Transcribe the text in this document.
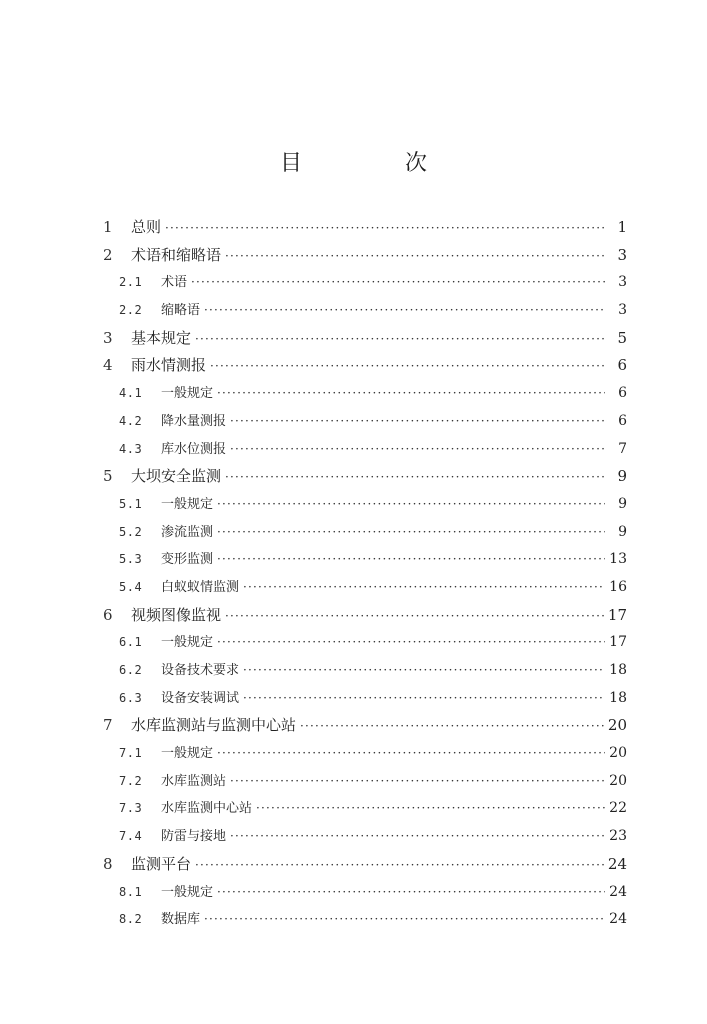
目 次
1	总则 ·····	1
2	术语和缩略语 ·····	3
2.1	术语 ·····	3
2.2	缩略语 ·····	3
3	基本规定 ·····	5
4	雨水情测报 ·····	6
4.1	一般规定 ·····	6
4.2	降水量测报 ·····	6
4.3	库水位测报 ·····	7
5	大坝安全监测 ·····	9
5.1	一般规定 ·····	9
5.2	渗流监测 ·····	9
5.3	变形监测 ·····	13
5.4	白蚁蚁情监测 ·····	16
6	视频图像监视 ·····	17
6.1	一般规定 ·····	17
6.2	设备技术要求 ·····	18
6.3	设备安装调试 ·····	18
7	水库监测站与监测中心站 ·····	20
7.1	一般规定 ·····	20
7.2	水库监测站 ·····	20
7.3	水库监测中心站 ·····	22
7.4	防雷与接地 ·····	23
8	监测平台 ·····	24
8.1	一般规定 ·····	24
8.2	数据库 ·····	24
